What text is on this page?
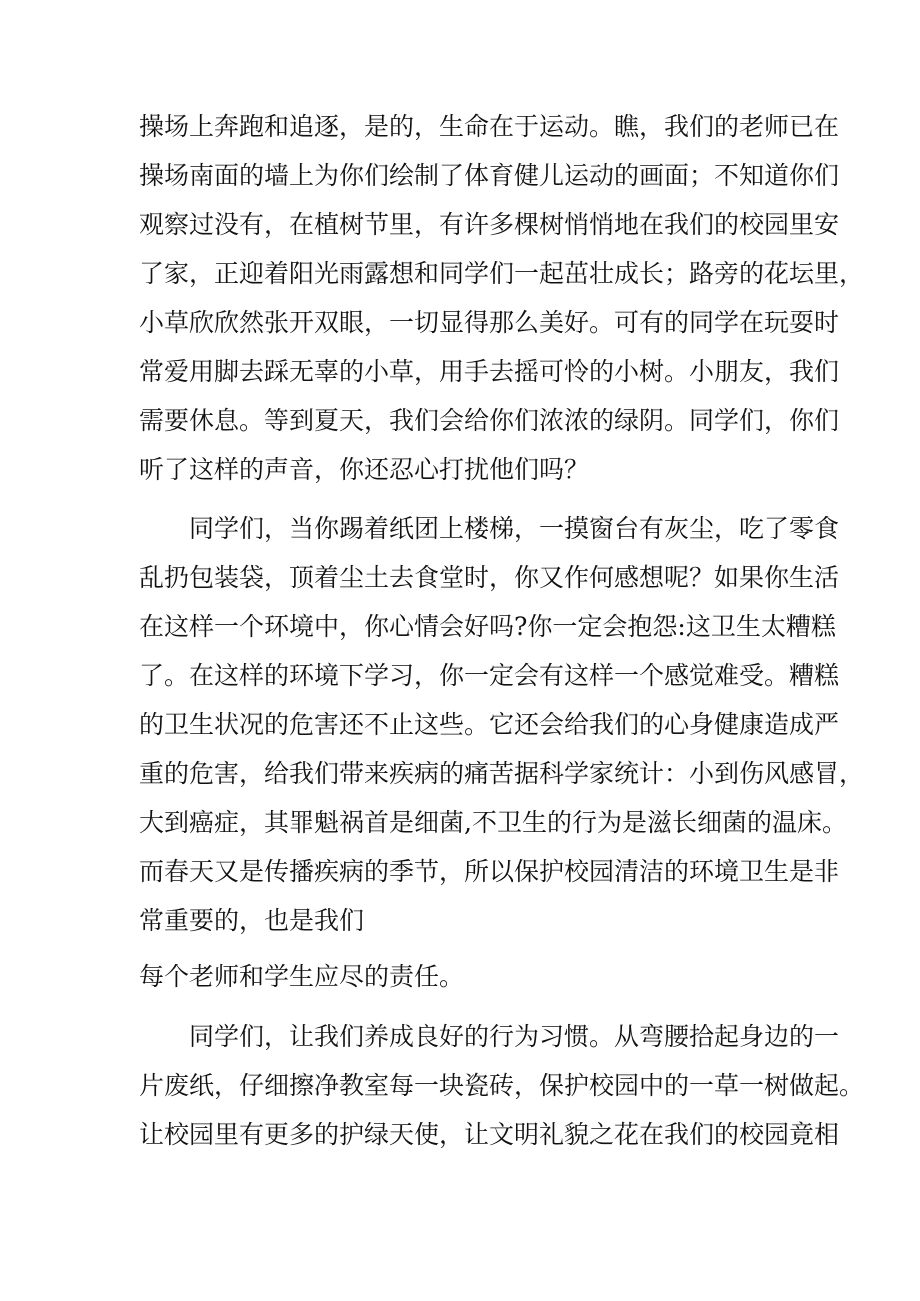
操场上奔跑和追逐，是的，生命在于运动。瞧，我们的老师已在

操场南面的墙上为你们绘制了体育健儿运动的画面；不知道你们

观察过没有，在植树节里，有许多棵树悄悄地在我们的校园里安

了家，正迎着阳光雨露想和同学们一起茁壮成长；路旁的花坛里，

小草欣欣然张开双眼，一切显得那么美好。可有的同学在玩耍时

常爱用脚去踩无辜的小草，用手去摇可怜的小树。小朋友，我们

需要休息。等到夏天，我们会给你们浓浓的绿阴。同学们，你们

听了这样的声音，你还忍心打扰他们吗？

同学们，当你踢着纸团上楼梯，一摸窗台有灰尘，吃了零食

乱扔包装袋，顶着尘土去食堂时，你又作何感想呢？如果你生活

在这样一个环境中，你心情会好吗?你一定会抱怨:这卫生太糟糕

了。在这样的环境下学习，你一定会有这样一个感觉难受。糟糕

的卫生状况的危害还不止这些。它还会给我们的心身健康造成严

重的危害，给我们带来疾病的痛苦据科学家统计：小到伤风感冒，

大到癌症，其罪魁祸首是细菌,不卫生的行为是滋长细菌的温床。

而春天又是传播疾病的季节，所以保护校园清洁的环境卫生是非

常重要的，也是我们

每个老师和学生应尽的责任。

同学们，让我们养成良好的行为习惯。从弯腰拾起身边的一

片废纸，仔细擦净教室每一块瓷砖，保护校园中的一草一树做起。

让校园里有更多的护绿天使，让文明礼貌之花在我们的校园竟相
